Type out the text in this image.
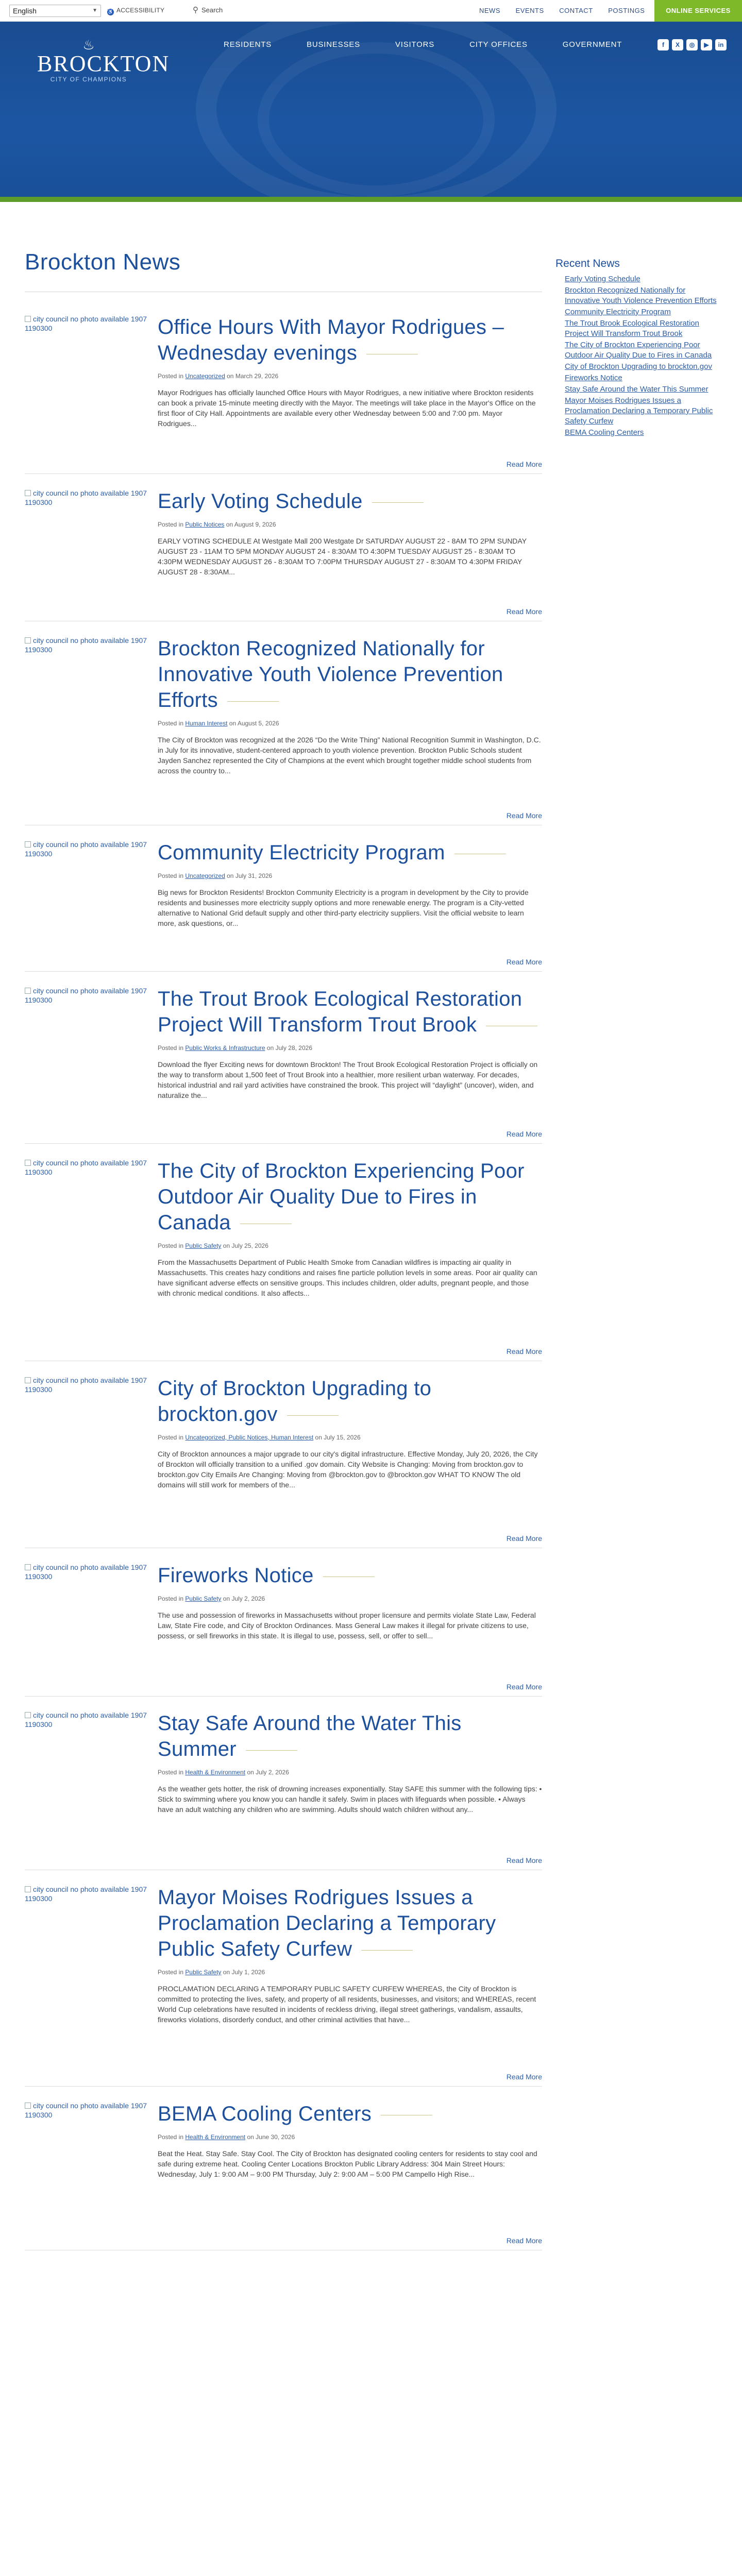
English	▼ ♿ ACCESSIBILITY	⚲ Search	NEWS EVENTS CONTACT POSTINGS	ONLINE SERVICES
♨
BROCKTON
CITY OF CHAMPIONS
RESIDENTS	BUSINESSES	VISITORS	CITY OFFICES	GOVERNMENT	f X ◎ ▶ in
Brockton News
city council no photo available 1907 1190300	Office Hours With Mayor Rodrigues – Wednesday evenings
Posted in Uncategorized on March 29, 2026

Mayor Rodrigues has officially launched Office Hours with Mayor Rodrigues, a new initiative where Brockton residents can book a private 15-minute meeting directly with the Mayor. The meetings will take place in the Mayor's Office on the first floor of City Hall. Appointments are available every other Wednesday between 5:00 and 7:00 pm. Mayor Rodrigues...

Read More
city council no photo available 1907 1190300	Early Voting Schedule
Posted in Public Notices on August 9, 2026

EARLY VOTING SCHEDULE At Westgate Mall 200 Westgate Dr SATURDAY AUGUST 22 - 8AM TO 2PM SUNDAY AUGUST 23 - 11AM TO 5PM MONDAY AUGUST 24 - 8:30AM TO 4:30PM TUESDAY AUGUST 25 - 8:30AM TO 4:30PM WEDNESDAY AUGUST 26 - 8:30AM TO 7:00PM THURSDAY AUGUST 27 - 8:30AM TO 4:30PM FRIDAY AUGUST 28 - 8:30AM...

Read More
city council no photo available 1907 1190300	Brockton Recognized Nationally for Innovative Youth Violence Prevention Efforts
Posted in Human Interest on August 5, 2026

The City of Brockton was recognized at the 2026 “Do the Write Thing” National Recognition Summit in Washington, D.C. in July for its innovative, student-centered approach to youth violence prevention. Brockton Public Schools student Jayden Sanchez represented the City of Champions at the event which brought together middle school students from across the country to...

Read More
city council no photo available 1907 1190300	Community Electricity Program
Posted in Uncategorized on July 31, 2026

Big news for Brockton Residents! Brockton Community Electricity is a program in development by the City to provide residents and businesses more electricity supply options and more renewable energy. The program is a City-vetted alternative to National Grid default supply and other third-party electricity suppliers. Visit the official website to learn more, ask questions, or...

Read More
city council no photo available 1907 1190300	The Trout Brook Ecological Restoration Project Will Transform Trout Brook
Posted in Public Works & Infrastructure on July 28, 2026

Download the flyer Exciting news for downtown Brockton! The Trout Brook Ecological Restoration Project is officially on the way to transform about 1,500 feet of Trout Brook into a healthier, more resilient urban waterway. For decades, historical industrial and rail yard activities have constrained the brook. This project will “daylight” (uncover), widen, and naturalize the...

Read More
city council no photo available 1907 1190300	The City of Brockton Experiencing Poor Outdoor Air Quality Due to Fires in Canada
Posted in Public Safety on July 25, 2026

From the Massachusetts Department of Public Health Smoke from Canadian wildfires is impacting air quality in Massachusetts. This creates hazy conditions and raises fine particle pollution levels in some areas. Poor air quality can have significant adverse effects on sensitive groups. This includes children, older adults, pregnant people, and those with chronic medical conditions. It also affects...

Read More
city council no photo available 1907 1190300	City of Brockton Upgrading to brockton.gov
Posted in Uncategorized, Public Notices, Human Interest on July 15, 2026

City of Brockton announces a major upgrade to our city's digital infrastructure. Effective Monday, July 20, 2026, the City of Brockton will officially transition to a unified .gov domain. City Website is Changing: Moving from brockton.gov to brockton.gov City Emails Are Changing: Moving from @brockton.gov to @brockton.gov WHAT TO KNOW The old domains will still work for members of the...

Read More
city council no photo available 1907 1190300	Fireworks Notice
Posted in Public Safety on July 2, 2026

The use and possession of fireworks in Massachusetts without proper licensure and permits violate State Law, Federal Law, State Fire code, and City of Brockton Ordinances. Mass General Law makes it illegal for private citizens to use, possess, or sell fireworks in this state. It is illegal to use, possess, sell, or offer to sell...

Read More
city council no photo available 1907 1190300	Stay Safe Around the Water This Summer
Posted in Health & Environment on July 2, 2026

As the weather gets hotter, the risk of drowning increases exponentially. Stay SAFE this summer with the following tips: • Stick to swimming where you know you can handle it safely. Swim in places with lifeguards when possible. • Always have an adult watching any children who are swimming. Adults should watch children without any...

Read More
city council no photo available 1907 1190300	Mayor Moises Rodrigues Issues a Proclamation Declaring a Temporary Public Safety Curfew
Posted in Public Safety on July 1, 2026

PROCLAMATION DECLARING A TEMPORARY PUBLIC SAFETY CURFEW WHEREAS, the City of Brockton is committed to protecting the lives, safety, and property of all residents, businesses, and visitors; and WHEREAS, recent World Cup celebrations have resulted in incidents of reckless driving, illegal street gatherings, vandalism, assaults, fireworks violations, disorderly conduct, and other criminal activities that have...

Read More
city council no photo available 1907 1190300	BEMA Cooling Centers
Posted in Health & Environment on June 30, 2026

Beat the Heat. Stay Safe. Stay Cool. The City of Brockton has designated cooling centers for residents to stay cool and safe during extreme heat. Cooling Center Locations Brockton Public Library Address: 304 Main Street Hours: Wednesday, July 1: 9:00 AM – 9:00 PM Thursday, July 2: 9:00 AM – 5:00 PM Campello High Rise...

Read More
Recent News
Early Voting Schedule
Brockton Recognized Nationally for Innovative Youth Violence Prevention Efforts
Community Electricity Program
The Trout Brook Ecological Restoration Project Will Transform Trout Brook
The City of Brockton Experiencing Poor Outdoor Air Quality Due to Fires in Canada
City of Brockton Upgrading to brockton.gov
Fireworks Notice
Stay Safe Around the Water This Summer
Mayor Moises Rodrigues Issues a Proclamation Declaring a Temporary Public Safety Curfew
BEMA Cooling Centers
